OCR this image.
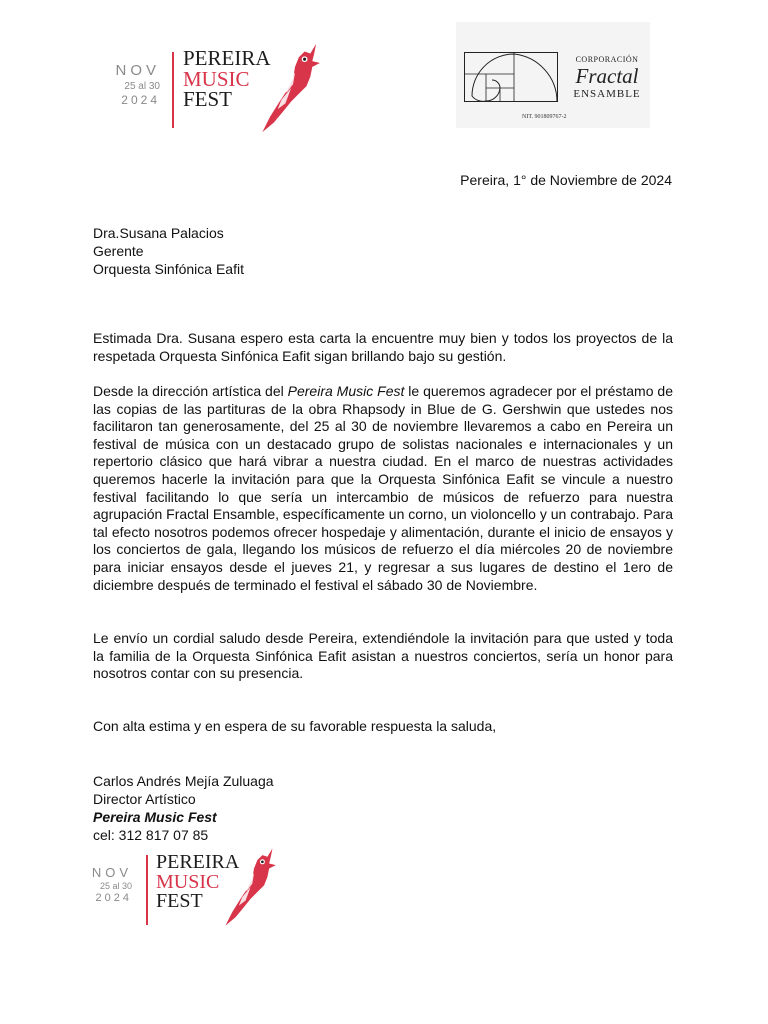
NOV
25 al 30
2024
PEREIRA
MUSIC
FEST
CORPORACIÓN
Fractal
ENSAMBLE
NIT. 901809767-2
Pereira, 1° de Noviembre de 2024
Dra.Susana Palacios
Gerente
Orquesta Sinfónica Eafit

Estimada Dra. Susana espero esta carta la encuentre muy bien y todos los proyectos de la respetada Orquesta Sinfónica Eafit sigan brillando bajo su gestión.

Desde la dirección artística del Pereira Music Fest le queremos agradecer por el préstamo de las copias de las partituras de la obra Rhapsody in Blue de G. Gershwin que ustedes nos facilitaron tan generosamente, del 25 al 30 de noviembre llevaremos a cabo en Pereira un festival de música con un destacado grupo de solistas nacionales e internacionales y un repertorio clásico que hará vibrar a nuestra ciudad. En el marco de nuestras actividades queremos hacerle la invitación para que la Orquesta Sinfónica Eafit se vincule a nuestro festival facilitando lo que sería un intercambio de músicos de refuerzo para nuestra agrupación Fractal Ensamble, específicamente un corno, un violoncello y un contrabajo. Para tal efecto nosotros podemos ofrecer hospedaje y alimentación, durante el inicio de ensayos y los conciertos de gala, llegando los músicos de refuerzo el día miércoles 20 de noviembre para iniciar ensayos desde el jueves 21, y regresar a sus lugares de destino el 1ero de diciembre después de terminado el festival el sábado 30 de Noviembre.

Le envío un cordial saludo desde Pereira, extendiéndole la invitación para que usted y toda la familia de la Orquesta Sinfónica Eafit asistan a nuestros conciertos, sería un honor para nosotros contar con su presencia.

Con alta estima y en espera de su favorable respuesta la saluda,

Carlos Andrés Mejía Zuluaga
Director Artístico
Pereira Music Fest
cel: 312 817 07 85
NOV
25 al 30
2024
PEREIRA
MUSIC
FEST
